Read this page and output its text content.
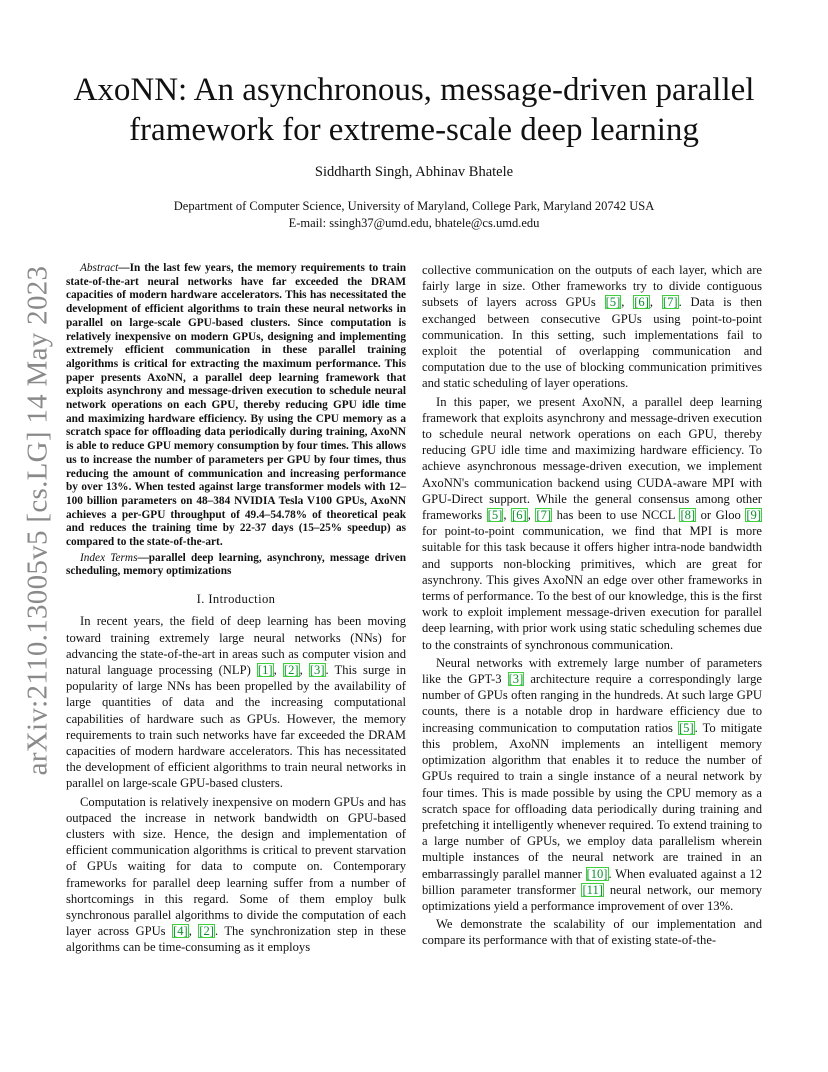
arXiv:2110.13005v5 [cs.LG] 14 May 2023
AxoNN: An asynchronous, message-driven parallel
framework for extreme-scale deep learning
Siddharth Singh, Abhinav Bhatele
Department of Computer Science, University of Maryland, College Park, Maryland 20742 USA
E-mail: ssingh37@umd.edu, bhatele@cs.umd.edu

Abstract—In the last few years, the memory requirements to train state-of-the-art neural networks have far exceeded the DRAM capacities of modern hardware accelerators. This has necessitated the development of efficient algorithms to train these neural networks in parallel on large-scale GPU-based clusters. Since computation is relatively inexpensive on modern GPUs, designing and implementing extremely efficient communication in these parallel training algorithms is critical for extracting the maximum performance. This paper presents AxoNN, a parallel deep learning framework that exploits asynchrony and message-driven execution to schedule neural network operations on each GPU, thereby reducing GPU idle time and maximizing hardware efficiency. By using the CPU memory as a scratch space for offloading data periodically during training, AxoNN is able to reduce GPU memory consumption by four times. This allows us to increase the number of parameters per GPU by four times, thus reducing the amount of communication and increasing performance by over 13%. When tested against large transformer models with 12–100 billion parameters on 48–384 NVIDIA Tesla V100 GPUs, AxoNN achieves a per-GPU throughput of 49.4–54.78% of theoretical peak and reduces the training time by 22-37 days (15–25% speedup) as compared to the state-of-the-art.

Index Terms—parallel deep learning, asynchrony, message driven scheduling, memory optimizations

I. Introduction

In recent years, the field of deep learning has been moving toward training extremely large neural networks (NNs) for advancing the state-of-the-art in areas such as computer vision and natural language processing (NLP) [1], [2], [3]. This surge in popularity of large NNs has been propelled by the availability of large quantities of data and the increasing computational capabilities of hardware such as GPUs. However, the memory requirements to train such networks have far exceeded the DRAM capacities of modern hardware accelerators. This has necessitated the development of efficient algorithms to train neural networks in parallel on large-scale GPU-based clusters.

Computation is relatively inexpensive on modern GPUs and has outpaced the increase in network bandwidth on GPU-based clusters with size. Hence, the design and implementation of efficient communication algorithms is critical to prevent starvation of GPUs waiting for data to compute on. Contemporary frameworks for parallel deep learning suffer from a number of shortcomings in this regard. Some of them employ bulk synchronous parallel algorithms to divide the computation of each layer across GPUs [4], [2]. The synchronization step in these algorithms can be time-consuming as it employs

collective communication on the outputs of each layer, which are fairly large in size. Other frameworks try to divide contiguous subsets of layers across GPUs [5], [6], [7]. Data is then exchanged between consecutive GPUs using point-to-point communication. In this setting, such implementations fail to exploit the potential of overlapping communication and computation due to the use of blocking communication primitives and static scheduling of layer operations.

In this paper, we present AxoNN, a parallel deep learning framework that exploits asynchrony and message-driven execution to schedule neural network operations on each GPU, thereby reducing GPU idle time and maximizing hardware efficiency. To achieve asynchronous message-driven execution, we implement AxoNN's communication backend using CUDA-aware MPI with GPU-Direct support. While the general consensus among other frameworks [5], [6], [7] has been to use NCCL [8] or Gloo [9] for point-to-point communication, we find that MPI is more suitable for this task because it offers higher intra-node bandwidth and supports non-blocking primitives, which are great for asynchrony. This gives AxoNN an edge over other frameworks in terms of performance. To the best of our knowledge, this is the first work to exploit implement message-driven execution for parallel deep learning, with prior work using static scheduling schemes due to the constraints of synchronous communication.

Neural networks with extremely large number of parameters like the GPT-3 [3] architecture require a correspondingly large number of GPUs often ranging in the hundreds. At such large GPU counts, there is a notable drop in hardware efficiency due to increasing communication to computation ratios [5]. To mitigate this problem, AxoNN implements an intelligent memory optimization algorithm that enables it to reduce the number of GPUs required to train a single instance of a neural network by four times. This is made possible by using the CPU memory as a scratch space for offloading data periodically during training and prefetching it intelligently whenever required. To extend training to a large number of GPUs, we employ data parallelism wherein multiple instances of the neural network are trained in an embarrassingly parallel manner [10]. When evaluated against a 12 billion parameter transformer [11] neural network, our memory optimizations yield a performance improvement of over 13%.

We demonstrate the scalability of our implementation and compare its performance with that of existing state-of-the-
